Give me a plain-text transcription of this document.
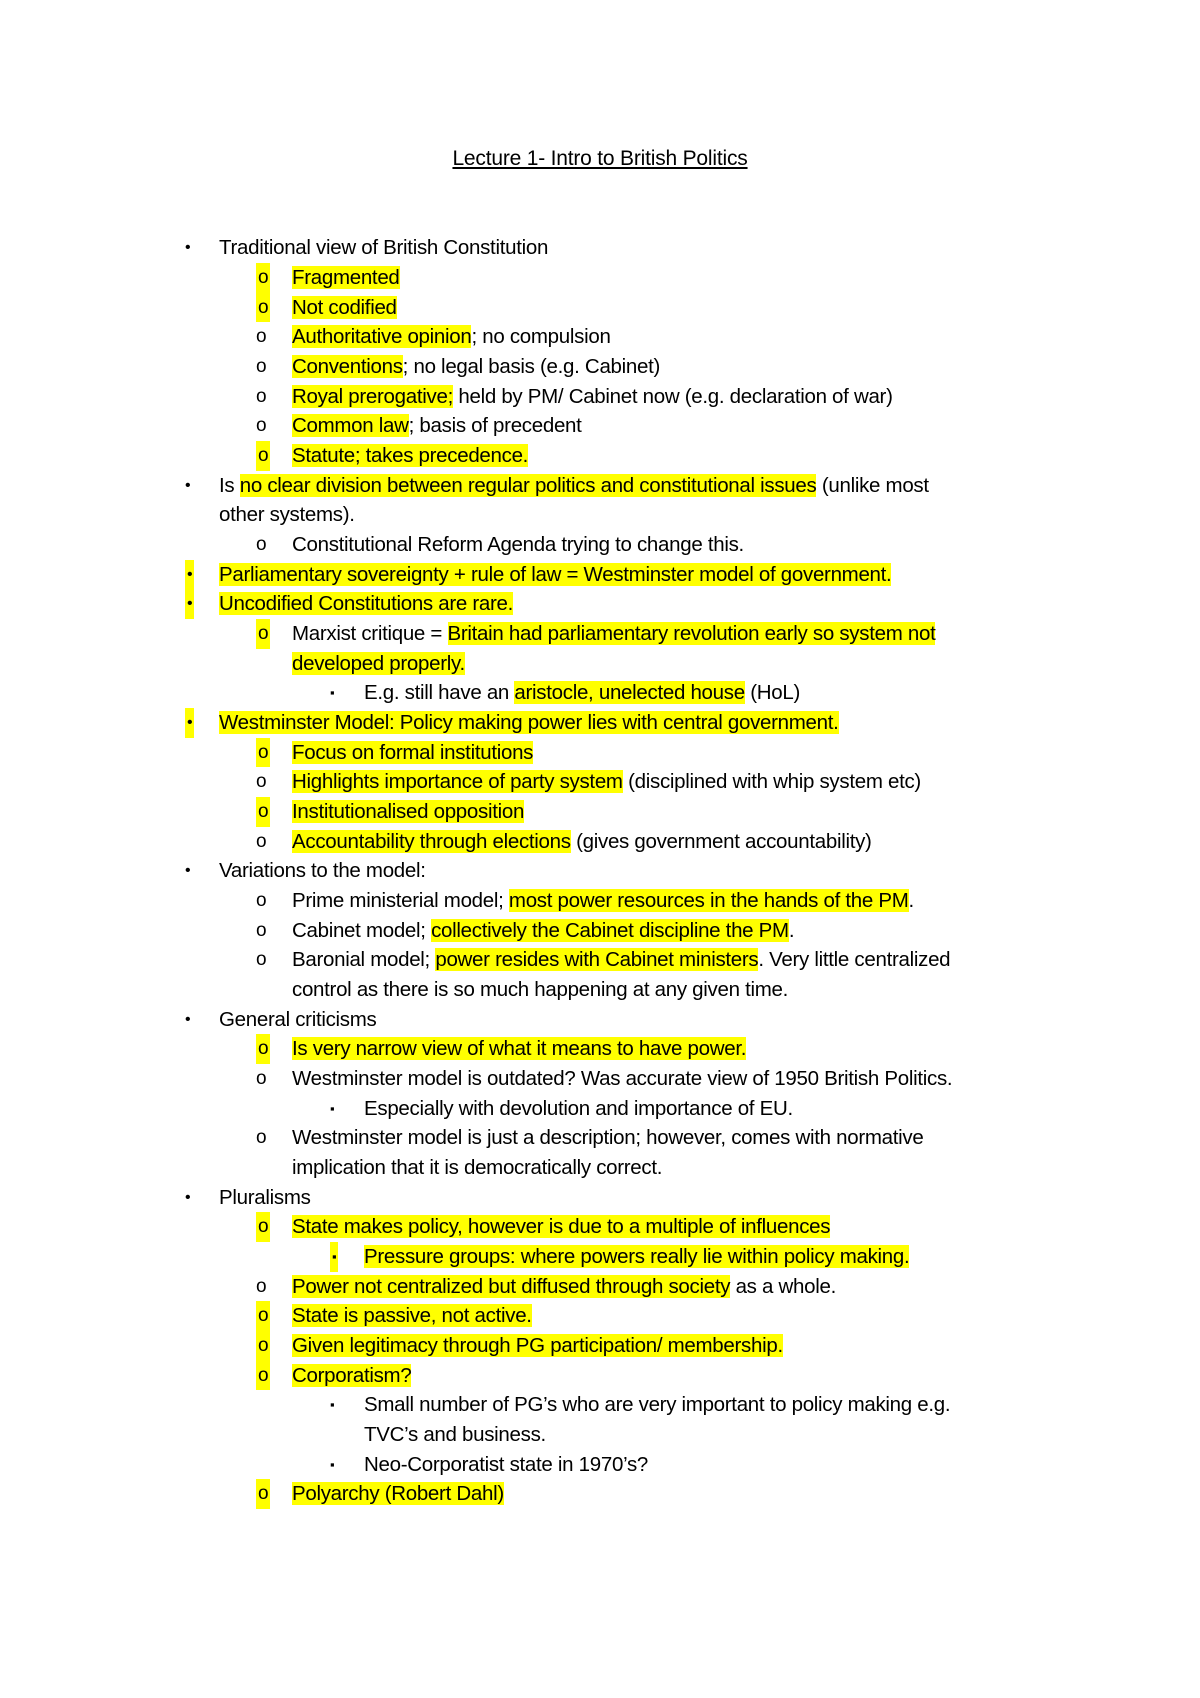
Lecture 1- Intro to British Politics
• Traditional view of British Constitution
o Fragmented
o Not codified
o Authoritative opinion; no compulsion
o Conventions; no legal basis (e.g. Cabinet)
o Royal prerogative; held by PM/ Cabinet now (e.g. declaration of war)
o Common law; basis of precedent
o Statute; takes precedence.
• Is no clear division between regular politics and constitutional issues (unlike most
other systems).
o Constitutional Reform Agenda trying to change this.
• Parliamentary sovereignty + rule of law = Westminster model of government.
• Uncodified Constitutions are rare.
o Marxist critique = Britain had parliamentary revolution early so system not
developed properly.
▪ E.g. still have an aristocle, unelected house (HoL)
• Westminster Model: Policy making power lies with central government.
o Focus on formal institutions
o Highlights importance of party system (disciplined with whip system etc)
o Institutionalised opposition
o Accountability through elections (gives government accountability)
• Variations to the model:
o Prime ministerial model; most power resources in the hands of the PM.
o Cabinet model; collectively the Cabinet discipline the PM.
o Baronial model; power resides with Cabinet ministers. Very little centralized
control as there is so much happening at any given time.
• General criticisms
o Is very narrow view of what it means to have power.
o Westminster model is outdated? Was accurate view of 1950 British Politics.
▪ Especially with devolution and importance of EU.
o Westminster model is just a description; however, comes with normative
implication that it is democratically correct.
• Pluralisms
o State makes policy, however is due to a multiple of influences
▪ Pressure groups: where powers really lie within policy making.
o Power not centralized but diffused through society as a whole.
o State is passive, not active.
o Given legitimacy through PG participation/ membership.
o Corporatism?
▪ Small number of PG’s who are very important to policy making e.g.
TVC’s and business.
▪ Neo-Corporatist state in 1970’s?
o Polyarchy (Robert Dahl)
